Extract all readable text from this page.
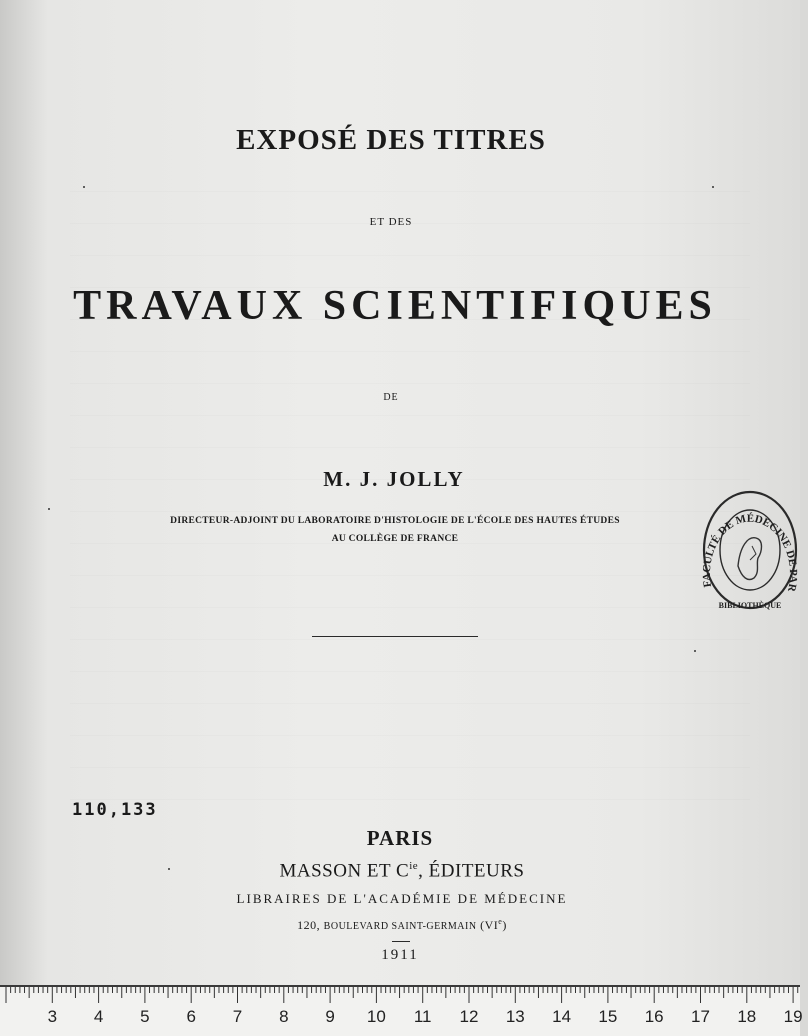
EXPOSÉ DES TITRES
ET DES
TRAVAUX SCIENTIFIQUES
DE
M. J. JOLLY
DIRECTEUR-ADJOINT DU LABORATOIRE D'HISTOLOGIE DE L'ÉCOLE DES HAUTES ÉTUDES
AU COLLÈGE DE FRANCE
110,133
PARIS
MASSON ET $C^{ie}$, ÉDITEURS
LIBRAIRES DE L'ACADÉMIE DE MÉDECINE
120, BOULEVARD SAINT-GERMAIN (VIe)
1911
FACULTÉ DE MÉDECINE DE PAR
BIBLIOTHÈQUE
3	4	5	6	7	8	9	10	11	12	13	14	15	16	17	18	19
